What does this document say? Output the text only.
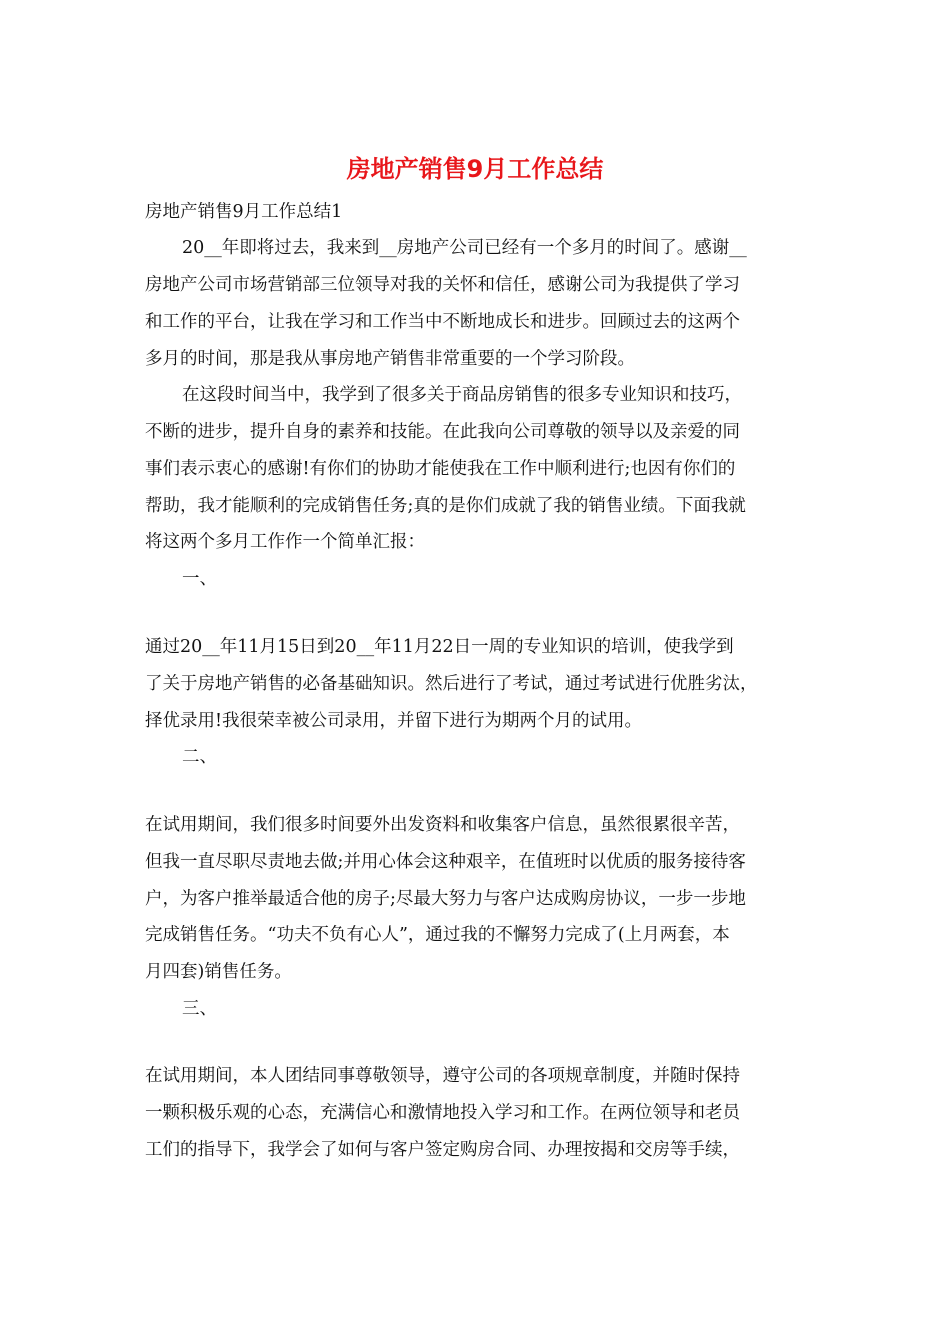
房地产销售9月工作总结
房地产销售9月工作总结1
20__年即将过去，我来到__房地产公司已经有一个多月的时间了。感谢__
房地产公司市场营销部三位领导对我的关怀和信任，感谢公司为我提供了学习
和工作的平台，让我在学习和工作当中不断地成长和进步。回顾过去的这两个
多月的时间，那是我从事房地产销售非常重要的一个学习阶段。
在这段时间当中，我学到了很多关于商品房销售的很多专业知识和技巧，
不断的进步，提升自身的素养和技能。在此我向公司尊敬的领导以及亲爱的同
事们表示衷心的感谢!有你们的协助才能使我在工作中顺利进行;也因有你们的
帮助，我才能顺利的完成销售任务;真的是你们成就了我的销售业绩。下面我就
将这两个多月工作作一个简单汇报：
一、
通过20__年11月15日到20__年11月22日一周的专业知识的培训，使我学到
了关于房地产销售的必备基础知识。然后进行了考试，通过考试进行优胜劣汰，
择优录用!我很荣幸被公司录用，并留下进行为期两个月的试用。
二、
在试用期间，我们很多时间要外出发资料和收集客户信息，虽然很累很辛苦，
但我一直尽职尽责地去做;并用心体会这种艰辛，在值班时以优质的服务接待客
户，为客户推举最适合他的房子;尽最大努力与客户达成购房协议，一步一步地
完成销售任务。“功夫不负有心人”，通过我的不懈努力完成了(上月两套，本
月四套)销售任务。
三、
在试用期间，本人团结同事尊敬领导，遵守公司的各项规章制度，并随时保持
一颗积极乐观的心态，充满信心和激情地投入学习和工作。在两位领导和老员
工们的指导下，我学会了如何与客户签定购房合同、办理按揭和交房等手续，
